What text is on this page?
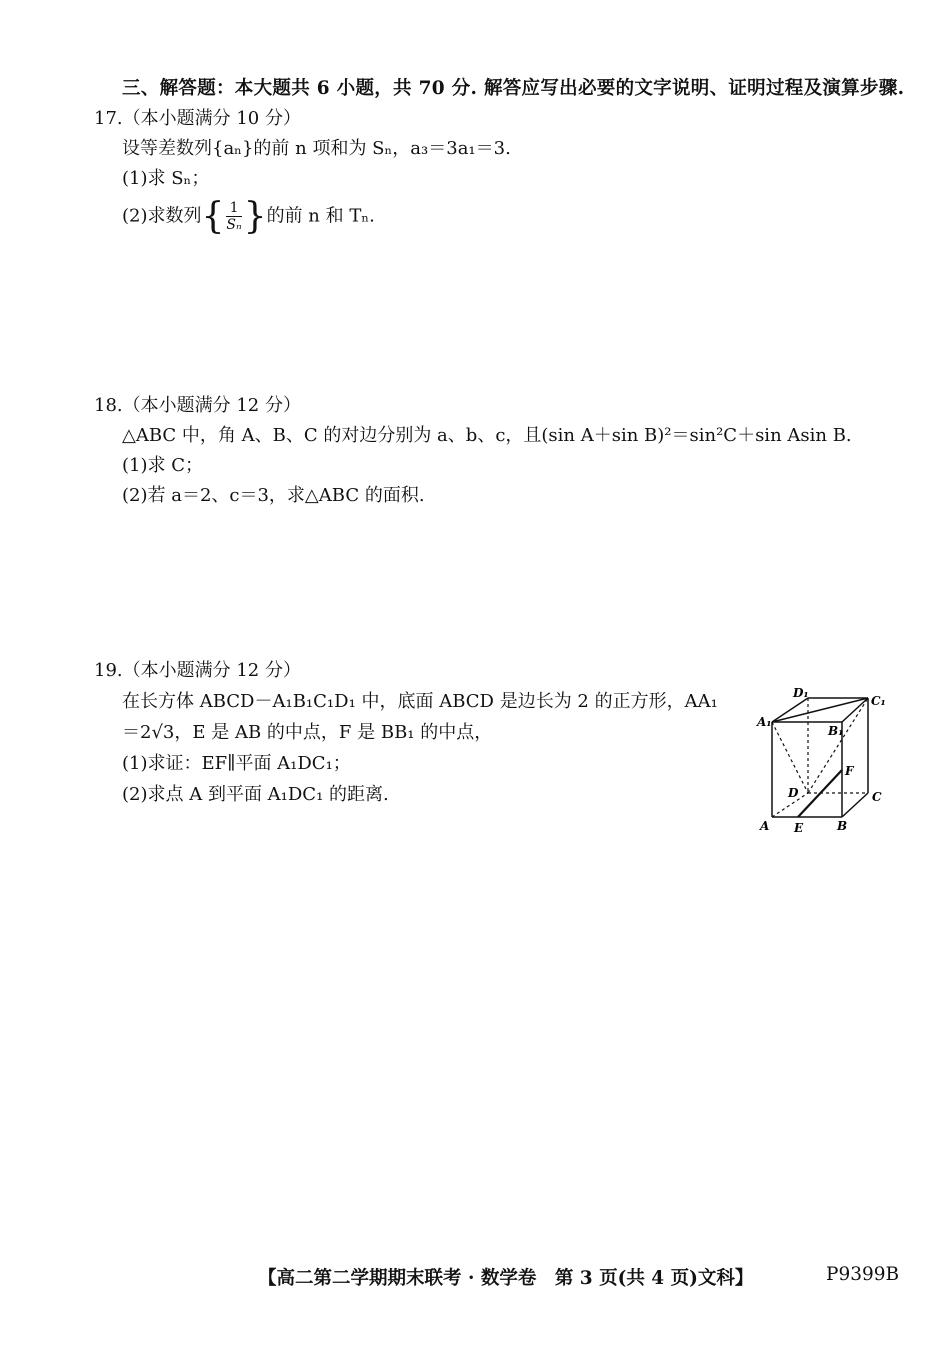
三、解答题：本大题共 6 小题，共 70 分. 解答应写出必要的文字说明、证明过程及演算步骤.
17.（本小题满分 10 分）
设等差数列{aₙ}的前 n 项和为 Sₙ，a₃＝3a₁＝3.
(1)求 Sₙ；
(2)求数列{ $\frac{1}{\text{Sₙ}}$ }的前 n 和 Tₙ.
18.（本小题满分 12 分）
△ABC 中，角 A、B、C 的对边分别为 a、b、c，且(sin A＋sin B)²＝sin²C＋sin Asin B.
(1)求 C；
(2)若 a＝2、c＝3，求△ABC 的面积.
19.（本小题满分 12 分）
在长方体 ABCD－A₁B₁C₁D₁ 中，底面 ABCD 是边长为 2 的正方形，AA₁
＝2√3，E 是 AB 的中点，F 是 BB₁ 的中点，
(1)求证：EF∥平面 A₁DC₁；
(2)求点 A 到平面 A₁DC₁ 的距离.
A E	B
C
D
F
A₁
B₁
C₁
D₁
【高二第二学期期末联考 · 数学卷　第 3 页(共 4 页)文科】	P9399B
